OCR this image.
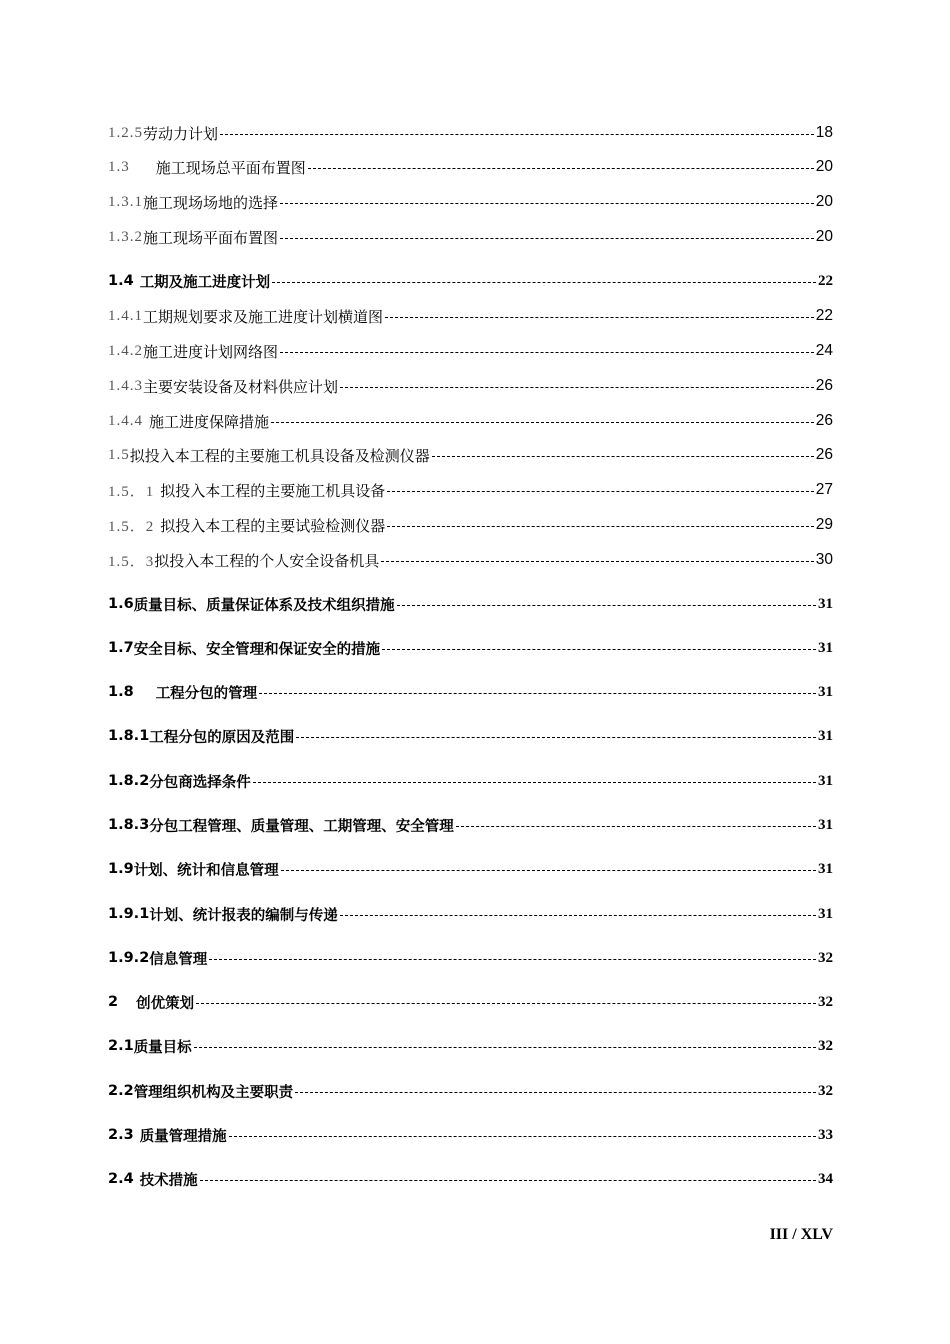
1.2.5 劳动力计划	18
1.3 施工现场总平面布置图	20
1.3.1 施工现场场地的选择	20
1.3.2 施工现场平面布置图	20
1.4 工期及施工进度计划	22
1.4.1 工期规划要求及施工进度计划横道图	22
1.4.2 施工进度计划网络图	24
1.4.3 主要安装设备及材料供应计划	26
1.4.4 施工进度保障措施	26
1.5 拟投入本工程的主要施工机具设备及检测仪器	26
1.5．1 拟投入本工程的主要施工机具设备	27
1.5．2 拟投入本工程的主要试验检测仪器	29
1.5．3 拟投入本工程的个人安全设备机具	30
1.6 质量目标、质量保证体系及技术组织措施	31
1.7 安全目标、安全管理和保证安全的措施	31
1.8 工程分包的管理	31
1.8.1 工程分包的原因及范围	31
1.8.2 分包商选择条件	31
1.8.3 分包工程管理、质量管理、工期管理、安全管理	31
1.9 计划、统计和信息管理	31
1.9.1 计划、统计报表的编制与传递	31
1.9.2 信息管理	32
2 创优策划	32
2.1 质量目标	32
2.2 管理组织机构及主要职责	32
2.3 质量管理措施	33
2.4 技术措施	34
III / XLV
